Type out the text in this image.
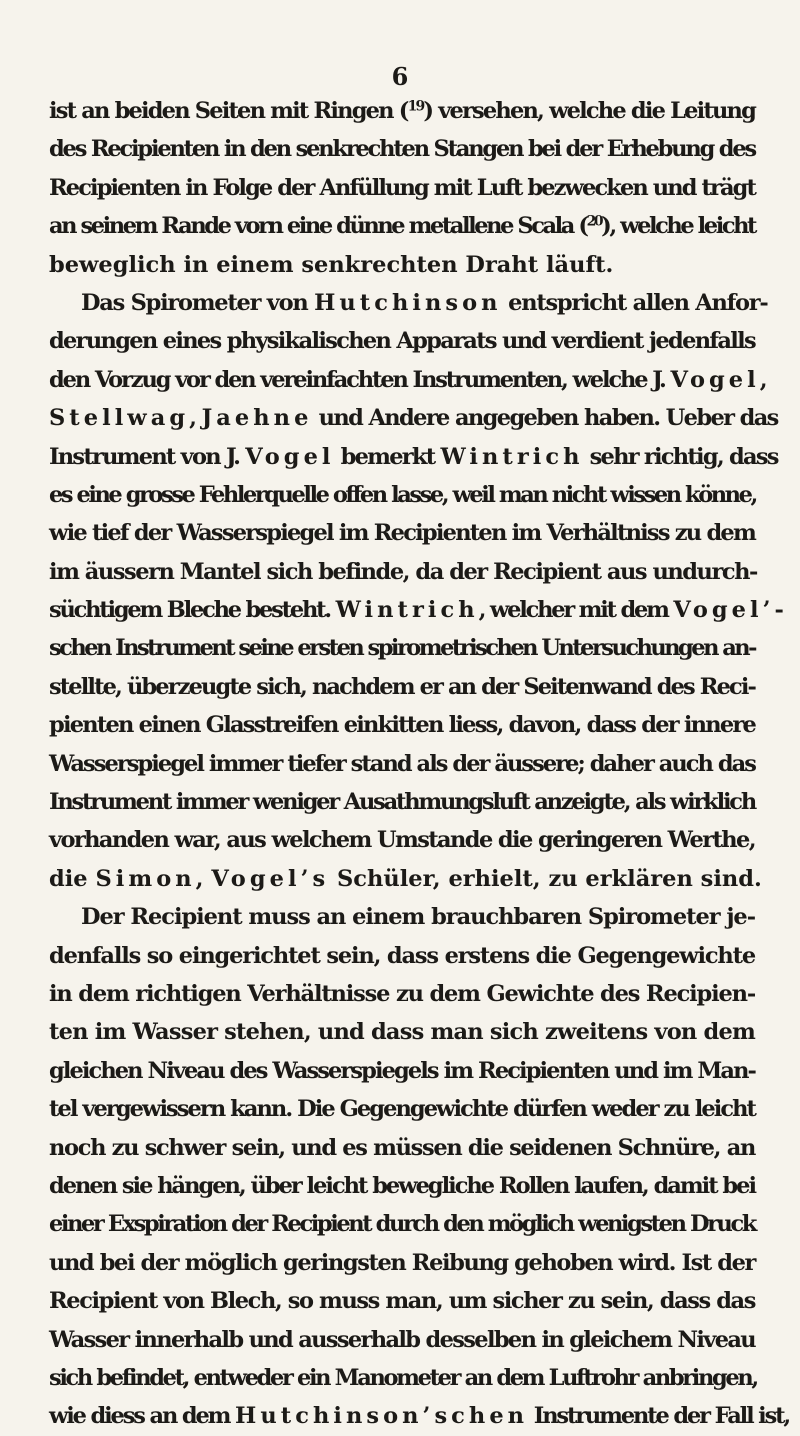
6
ist an beiden Seiten mit Ringen ($^{19}$) versehen, welche die Leitung
des Recipienten in den senkrechten Stangen bei der Erhebung des
Recipienten in Folge der Anfüllung mit Luft bezwecken und trägt
an seinem Rande vorn eine dünne metallene Scala ($^{20}$), welche leicht
beweglich in einem senkrechten Draht läuft.
Das Spirometer von Hutchinson entspricht allen Anfor-
derungen eines physikalischen Apparats und verdient jedenfalls
den Vorzug vor den vereinfachten Instrumenten, welche J. Vogel,
Stellwag, Jaehne und Andere angegeben haben. Ueber das
Instrument von J. Vogel bemerkt Wintrich sehr richtig, dass
es eine grosse Fehlerquelle offen lasse, weil man nicht wissen könne,
wie tief der Wasserspiegel im Recipienten im Verhältniss zu dem
im äussern Mantel sich befinde, da der Recipient aus undurch-
süchtigem Bleche besteht. Wintrich, welcher mit dem Vogel’-
schen Instrument seine ersten spirometrischen Untersuchungen an-
stellte, überzeugte sich, nachdem er an der Seitenwand des Reci-
pienten einen Glasstreifen einkitten liess, davon, dass der innere
Wasserspiegel immer tiefer stand als der äussere; daher auch das
Instrument immer weniger Ausathmungsluft anzeigte, als wirklich
vorhanden war, aus welchem Umstande die geringeren Werthe,
die Simon, Vogel’s Schüler, erhielt, zu erklären sind.
Der Recipient muss an einem brauchbaren Spirometer je-
denfalls so eingerichtet sein, dass erstens die Gegengewichte
in dem richtigen Verhältnisse zu dem Gewichte des Recipien-
ten im Wasser stehen, und dass man sich zweitens von dem
gleichen Niveau des Wasserspiegels im Recipienten und im Man-
tel vergewissern kann. Die Gegengewichte dürfen weder zu leicht
noch zu schwer sein, und es müssen die seidenen Schnüre, an
denen sie hängen, über leicht bewegliche Rollen laufen, damit bei
einer Exspiration der Recipient durch den möglich wenigsten Druck
und bei der möglich geringsten Reibung gehoben wird. Ist der
Recipient von Blech, so muss man, um sicher zu sein, dass das
Wasser innerhalb und ausserhalb desselben in gleichem Niveau
sich befindet, entweder ein Manometer an dem Luftrohr anbringen,
wie diess an dem Hutchinson’schen Instrumente der Fall ist,
